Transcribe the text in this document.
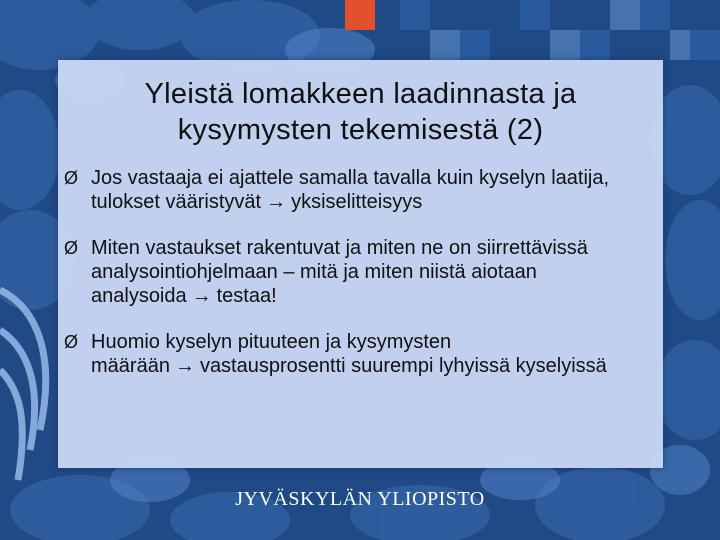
Yleistä lomakkeen laadinnasta ja
kysymysten tekemisestä (2)
Ø Jos vastaaja ei ajattele samalla tavalla kuin kyselyn laatija, tulokset vääristyvät → yksiselitteisyys
Ø Miten vastaukset rakentuvat ja miten ne on siirrettävissä analysointiohjelmaan – mitä ja miten niistä aiotaan analysoida → testaa!
Ø Huomio kyselyn pituuteen ja kysymysten määrään → vastausprosentti suurempi lyhyissä kyselyissä
JYVÄSKYLÄN YLIOPISTO
